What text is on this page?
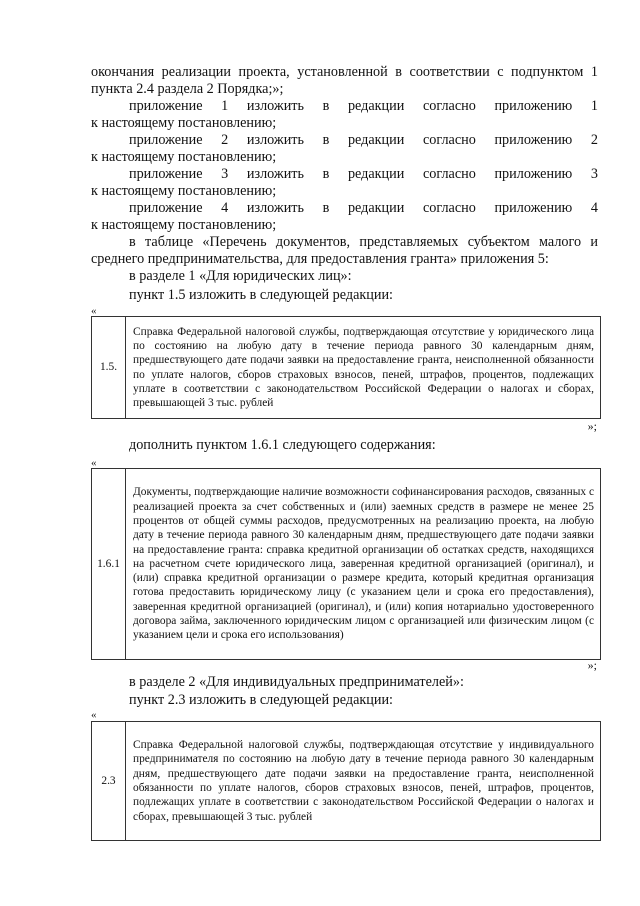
окончания реализации проекта, установленной в соответствии с подпунктом 1 пункта 2.4 раздела 2 Порядка;»;

приложение 1 изложить в редакции согласно приложению 1

к настоящему постановлению;

приложение 2 изложить в редакции согласно приложению 2

к настоящему постановлению;

приложение 3 изложить в редакции согласно приложению 3

к настоящему постановлению;

приложение 4 изложить в редакции согласно приложению 4

к настоящему постановлению;

в таблице «Перечень документов, представляемых субъектом малого и среднего предпринимательства, для предоставления гранта» приложения 5:

в разделе 1 «Для юридических лиц»:

пункт 1.5 изложить в следующей редакции:

«
1.5.	Справка Федеральной налоговой службы, подтверждающая отсутствие у юридического лица по состоянию на любую дату в течение периода равного 30 календарным дням, предшествующего дате подачи заявки на предоставление гранта, неисполненной обязанности по уплате налогов, сборов страховых взносов, пеней, штрафов, процентов, подлежащих уплате в соответствии с законодательством Российской Федерации о налогах и сборах, превышающей 3 тыс. рублей
»;

дополнить пунктом 1.6.1 следующего содержания:

«
1.6.1	Документы, подтверждающие наличие возможности софинансирования расходов, связанных с реализацией проекта за счет собственных и (или) заемных средств в размере не менее 25 процентов от общей суммы расходов, предусмотренных на реализацию проекта, на любую дату в течение периода равного 30 календарным дням, предшествующего дате подачи заявки на предоставление гранта: справка кредитной организации об остатках средств, находящихся на расчетном счете юридического лица, заверенная кредитной организацией (оригинал), и (или) справка кредитной организации о размере кредита, который кредитная организация готова предоставить юридическому лицу (с указанием цели и срока его предоставления), заверенная кредитной организацией (оригинал), и (или) копия нотариально удостоверенного договора займа, заключенного юридическим лицом с организацией или физическим лицом (с указанием цели и срока его использования)
»;

в разделе 2 «Для индивидуальных предпринимателей»:

пункт 2.3 изложить в следующей редакции:

«
2.3	Справка Федеральной налоговой службы, подтверждающая отсутствие у индивидуального предпринимателя по состоянию на любую дату в течение периода равного 30 календарным дням, предшествующего дате подачи заявки на предоставление гранта, неисполненной обязанности по уплате налогов, сборов страховых взносов, пеней, штрафов, процентов, подлежащих уплате в соответствии с законодательством Российской Федерации о налогах и сборах, превышающей 3 тыс. рублей
